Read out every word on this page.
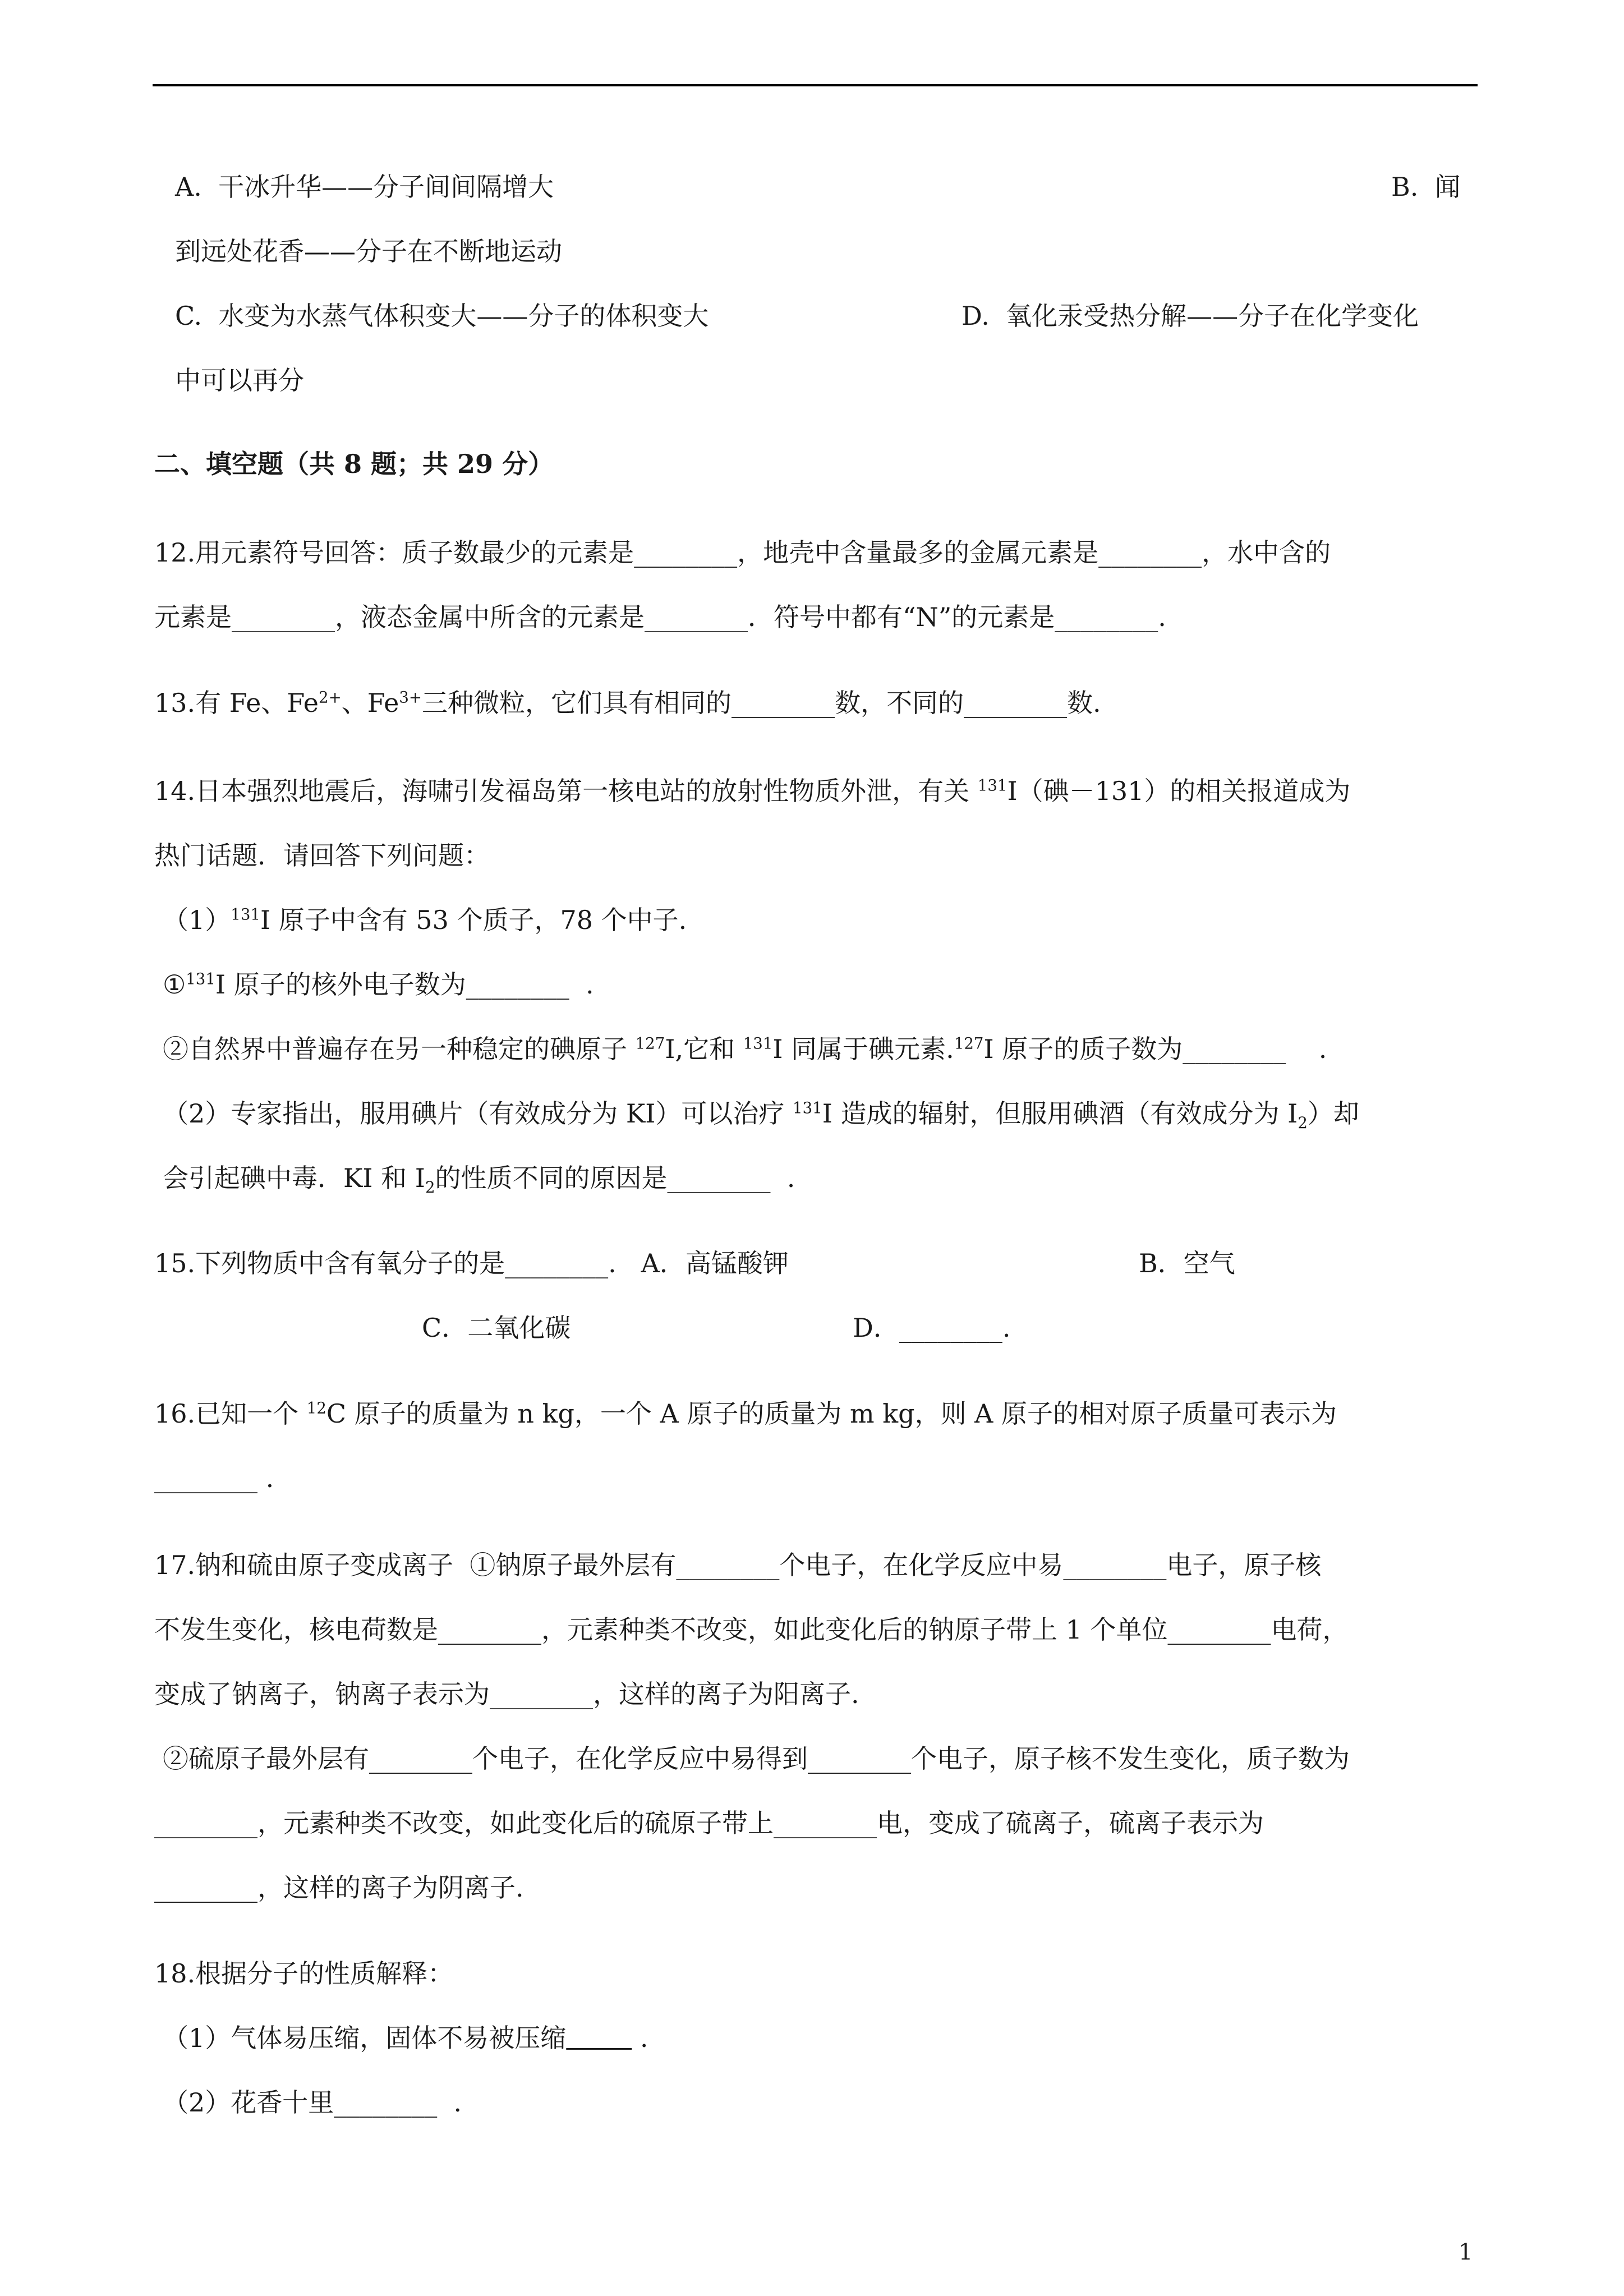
A.  干冰升华——分子间间隔增大	B.  闻
到远处花香——分子在不断地运动
C.  水变为水蒸气体积变大——分子的体积变大	D.  氧化汞受热分解——分子在化学变化
中可以再分
二、填空题（共 8 题；共 29 分）
12.用元素符号回答：质子数最少的元素是________，地壳中含量最多的金属元素是________，水中含的
元素是________，液态金属中所含的元素是________．符号中都有“N”的元素是________.
13.有 Fe、$Fe^{2+}$、$Fe^{3+}$三种微粒，它们具有相同的________数，不同的________数.
14.日本强烈地震后，海啸引发福岛第一核电站的放射性物质外泄，有关 $^{131}$I（碘－131）的相关报道成为
热门话题．请回答下列问题：
$(1)^{131}I$ 原子中含有 53 个质子，78 个中子.
①$^{131}$I 原子的核外电子数为________  .
②自然界中普遍存在另一种稳定的碘原子 $^{127}$I,它和 $^{131}$I 同属于碘元素.$^{127}$I 原子的质子数为________    .
（2）专家指出，服用碘片（有效成分为 KI）可以治疗 $^{131}$I 造成的辐射，但服用碘酒（有效成分为 $I_2$）却
会引起碘中毒．KI 和 $I_2$的性质不同的原因是________  .
15.下列物质中含有氧分子的是________.   A．高锰酸钾	B．空气
C．二氧化碳	D．________.
16.已知一个 $^{12}$C 原子的质量为 n kg，一个 A 原子的质量为 m kg，则 A 原子的相对原子质量可表示为
________ .
17.钠和硫由原子变成离子  ①钠原子最外层有________个电子，在化学反应中易________电子，原子核
不发生变化，核电荷数是________，元素种类不改变，如此变化后的钠原子带上 1 个单位________电荷，
变成了钠离子，钠离子表示为________，这样的离子为阳离子.
②硫原子最外层有________个电子，在化学反应中易得到________个电子，原子核不发生变化，质子数为
________，元素种类不改变，如此变化后的硫原子带上________电，变成了硫离子，硫离子表示为
________，这样的离子为阴离子.
18.根据分子的性质解释：
（1）气体易压缩，固体不易被压缩	.
（2）花香十里________  .
1
